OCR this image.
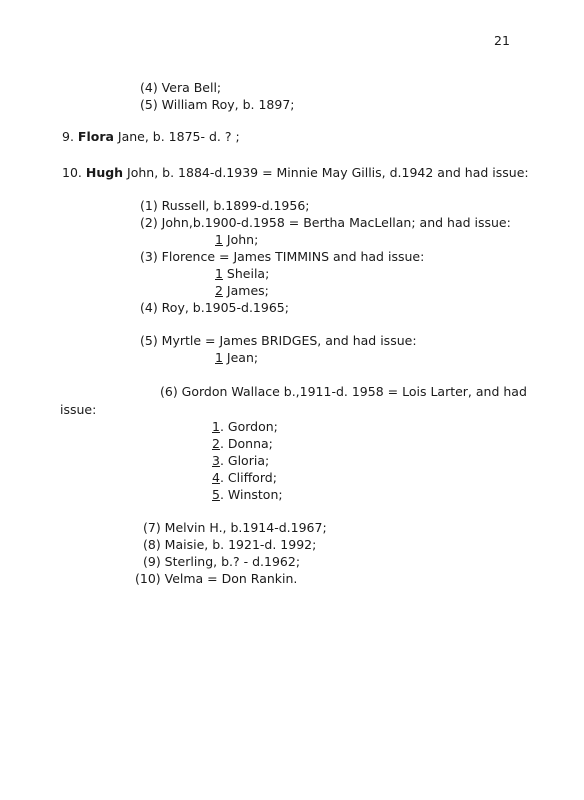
21
(4) Vera Bell;
(5) William Roy, b. 1897;
9. Flora Jane, b. 1875- d. ? ;
10. Hugh John, b. 1884-d.1939 = Minnie May Gillis, d.1942 and had issue:
(1) Russell, b.1899-d.1956;
(2) John,b.1900-d.1958 = Bertha MacLellan; and had issue:
1 John;
(3) Florence = James TIMMINS and had issue:
1 Sheila;
2 James;
(4) Roy, b.1905-d.1965;
(5) Myrtle = James BRIDGES, and had issue:
1 Jean;
(6) Gordon Wallace b.,1911-d. 1958 = Lois Larter, and had
issue:
1. Gordon;
2. Donna;
3. Gloria;
4. Clifford;
5. Winston;
(7) Melvin H., b.1914-d.1967;
(8) Maisie, b. 1921-d. 1992;
(9) Sterling, b.? - d.1962;
(10) Velma = Don Rankin.
